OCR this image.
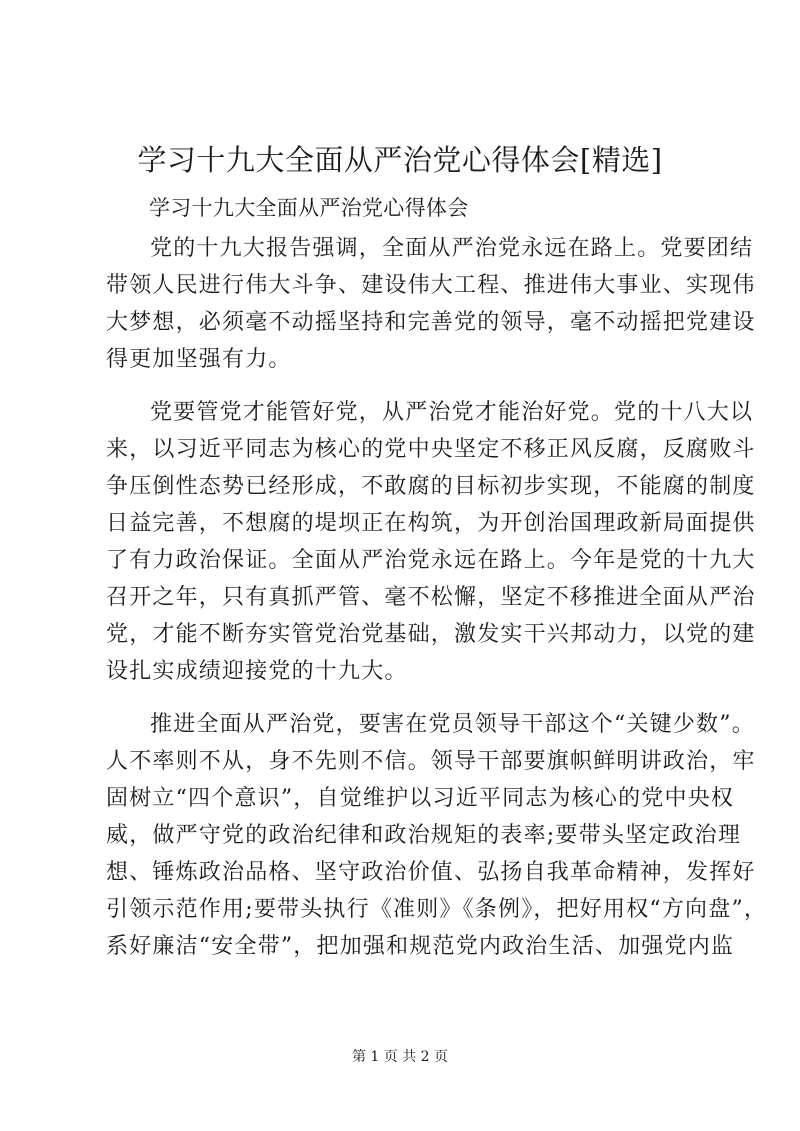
学习十九大全面从严治党心得体会[精选]
学习十九大全面从严治党心得体会

党的十九大报告强调，全面从严治党永远在路上。党要团结
带领人民进行伟大斗争、建设伟大工程、推进伟大事业、实现伟
大梦想，必须毫不动摇坚持和完善党的领导，毫不动摇把党建设
得更加坚强有力。

党要管党才能管好党，从严治党才能治好党。党的十八大以
来，以习近平同志为核心的党中央坚定不移正风反腐，反腐败斗
争压倒性态势已经形成，不敢腐的目标初步实现，不能腐的制度
日益完善，不想腐的堤坝正在构筑，为开创治国理政新局面提供
了有力政治保证。全面从严治党永远在路上。今年是党的十九大
召开之年，只有真抓严管、毫不松懈，坚定不移推进全面从严治
党，才能不断夯实管党治党基础，激发实干兴邦动力，以党的建
设扎实成绩迎接党的十九大。

推进全面从严治党，要害在党员领导干部这个“关键少数”。
人不率则不从，身不先则不信。领导干部要旗帜鲜明讲政治，牢
固树立“四个意识”，自觉维护以习近平同志为核心的党中央权
威，做严守党的政治纪律和政治规矩的表率;要带头坚定政治理
想、锤炼政治品格、坚守政治价值、弘扬自我革命精神，发挥好
引领示范作用;要带头执行《准则》《条例》，把好用权“方向盘”，
系好廉洁“安全带”，把加强和规范党内政治生活、加强党内监

第 1 页 共 2 页
